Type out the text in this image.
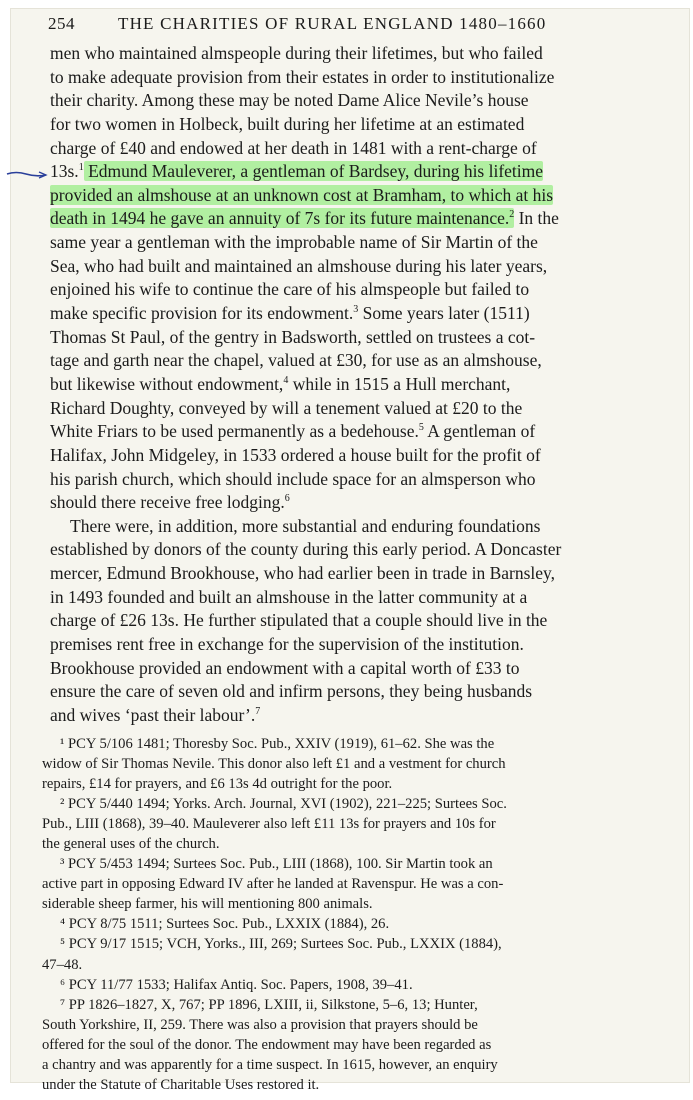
254	THE CHARITIES OF RURAL ENGLAND 1480–1660
men who maintained almspeople during their lifetimes, but who failed
to make adequate provision from their estates in order to institutionalize
their charity. Among these may be noted Dame Alice Nevile’s house
for two women in Holbeck, built during her lifetime at an estimated
charge of £40 and endowed at her death in 1481 with a rent-charge of
13s.$^1$ Edmund Mauleverer, a gentleman of Bardsey, during his lifetime
provided an almshouse at an unknown cost at Bramham, to which at his
death in 1494 he gave an annuity of 7s for its future maintenance.$^2$ In the
same year a gentleman with the improbable name of Sir Martin of the
Sea, who had built and maintained an almshouse during his later years,
enjoined his wife to continue the care of his almspeople but failed to
make specific provision for its endowment.$^3$ Some years later (1511)
Thomas St Paul, of the gentry in Badsworth, settled on trustees a cot-
tage and garth near the chapel, valued at £30, for use as an almshouse,
but likewise without endowment,$^4$ while in 1515 a Hull merchant,
Richard Doughty, conveyed by will a tenement valued at £20 to the
White Friars to be used permanently as a bedehouse.$^5$ A gentleman of
Halifax, John Midgeley, in 1533 ordered a house built for the profit of
his parish church, which should include space for an almsperson who
should there receive free lodging.$^6$
There were, in addition, more substantial and enduring foundations
established by donors of the county during this early period. A Doncaster
mercer, Edmund Brookhouse, who had earlier been in trade in Barnsley,
in 1493 founded and built an almshouse in the latter community at a
charge of £26 13s. He further stipulated that a couple should live in the
premises rent free in exchange for the supervision of the institution.
Brookhouse provided an endowment with a capital worth of £33 to
ensure the care of seven old and infirm persons, they being husbands
and wives ‘past their labour’.$^7$
¹ PCY 5/106 1481; Thoresby Soc. Pub., XXIV (1919), 61–62. She was the
widow of Sir Thomas Nevile. This donor also left £1 and a vestment for church
repairs, £14 for prayers, and £6 13s 4d outright for the poor.
² PCY 5/440 1494; Yorks. Arch. Journal, XVI (1902), 221–225; Surtees Soc.
Pub., LIII (1868), 39–40. Mauleverer also left £11 13s for prayers and 10s for
the general uses of the church.
³ PCY 5/453 1494; Surtees Soc. Pub., LIII (1868), 100. Sir Martin took an
active part in opposing Edward IV after he landed at Ravenspur. He was a con-
siderable sheep farmer, his will mentioning 800 animals.
⁴ PCY 8/75 1511; Surtees Soc. Pub., LXXIX (1884), 26.
⁵ PCY 9/17 1515; VCH, Yorks., III, 269; Surtees Soc. Pub., LXXIX (1884),
47–48.
⁶ PCY 11/77 1533; Halifax Antiq. Soc. Papers, 1908, 39–41.
⁷ PP 1826–1827, X, 767; PP 1896, LXIII, ii, Silkstone, 5–6, 13; Hunter,
South Yorkshire, II, 259. There was also a provision that prayers should be
offered for the soul of the donor. The endowment may have been regarded as
a chantry and was apparently for a time suspect. In 1615, however, an enquiry
under the Statute of Charitable Uses restored it.
